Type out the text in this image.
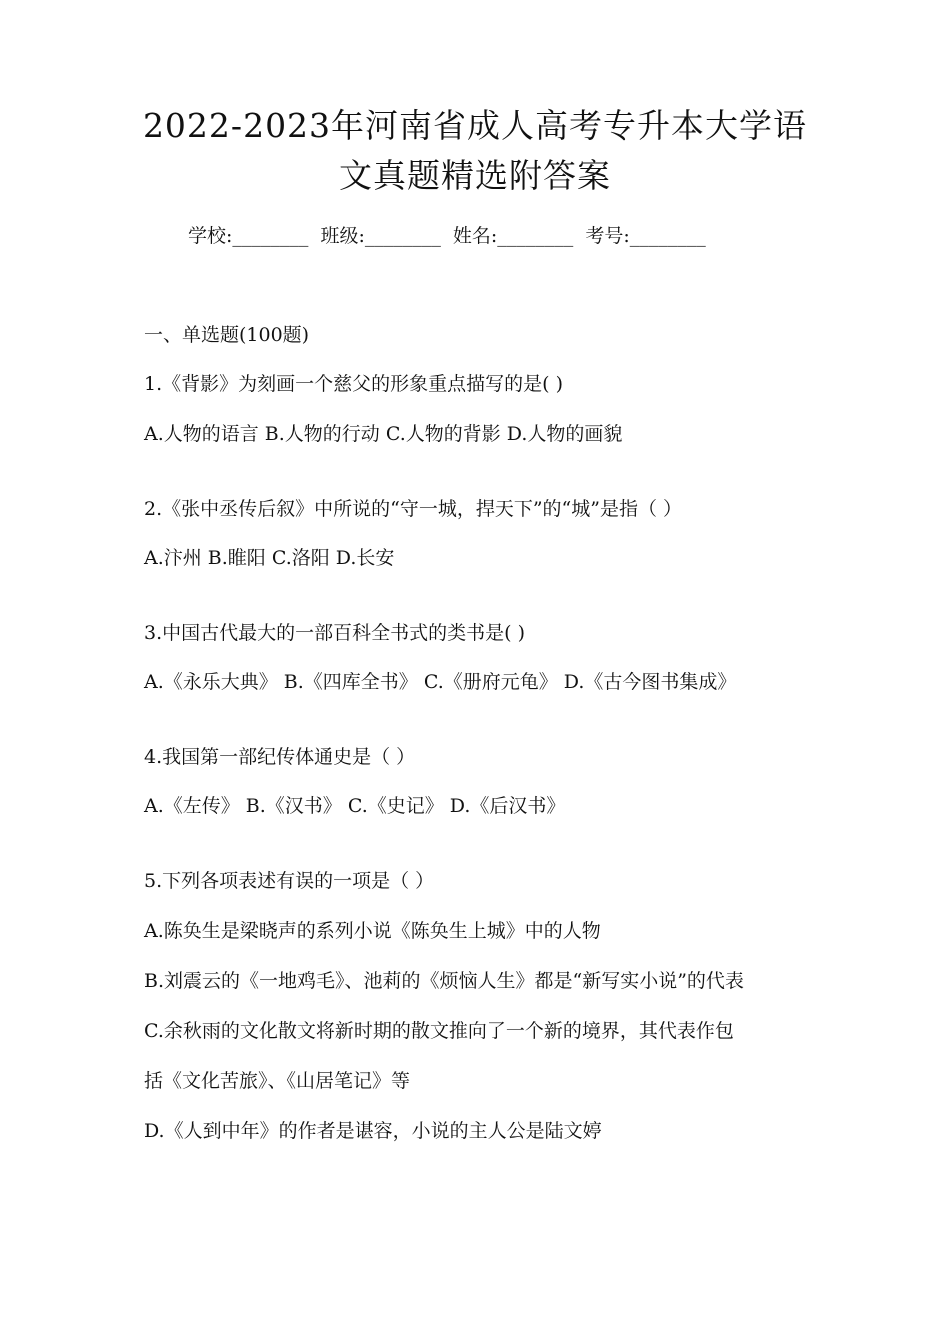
2022-2023年河南省成人高考专升本大学语
文真题精选附答案
学校:________ 班级:________ 姓名:________ 考号:________
一、单选题(100题)
1.《背影》为刻画一个慈父的形象重点描写的是( )
A.人物的语言 B.人物的行动 C.人物的背影 D.人物的画貌
2.《张中丞传后叙》中所说的“守一城，捍天下”的“城”是指（ ）
A.汴州 B.睢阳 C.洛阳 D.长安
3.中国古代最大的一部百科全书式的类书是( )
A.《永乐大典》 B.《四库全书》 C.《册府元龟》 D.《古今图书集成》
4.我国第一部纪传体通史是（ ）
A.《左传》 B.《汉书》 C.《史记》 D.《后汉书》
5.下列各项表述有误的一项是（ ）
A.陈奂生是梁晓声的系列小说《陈奂生上城》中的人物
B.刘震云的《一地鸡毛》、池莉的《烦恼人生》都是“新写实小说”的代表
C.余秋雨的文化散文将新时期的散文推向了一个新的境界，其代表作包
括《文化苦旅》、《山居笔记》等
D.《人到中年》的作者是谌容，小说的主人公是陆文婷
